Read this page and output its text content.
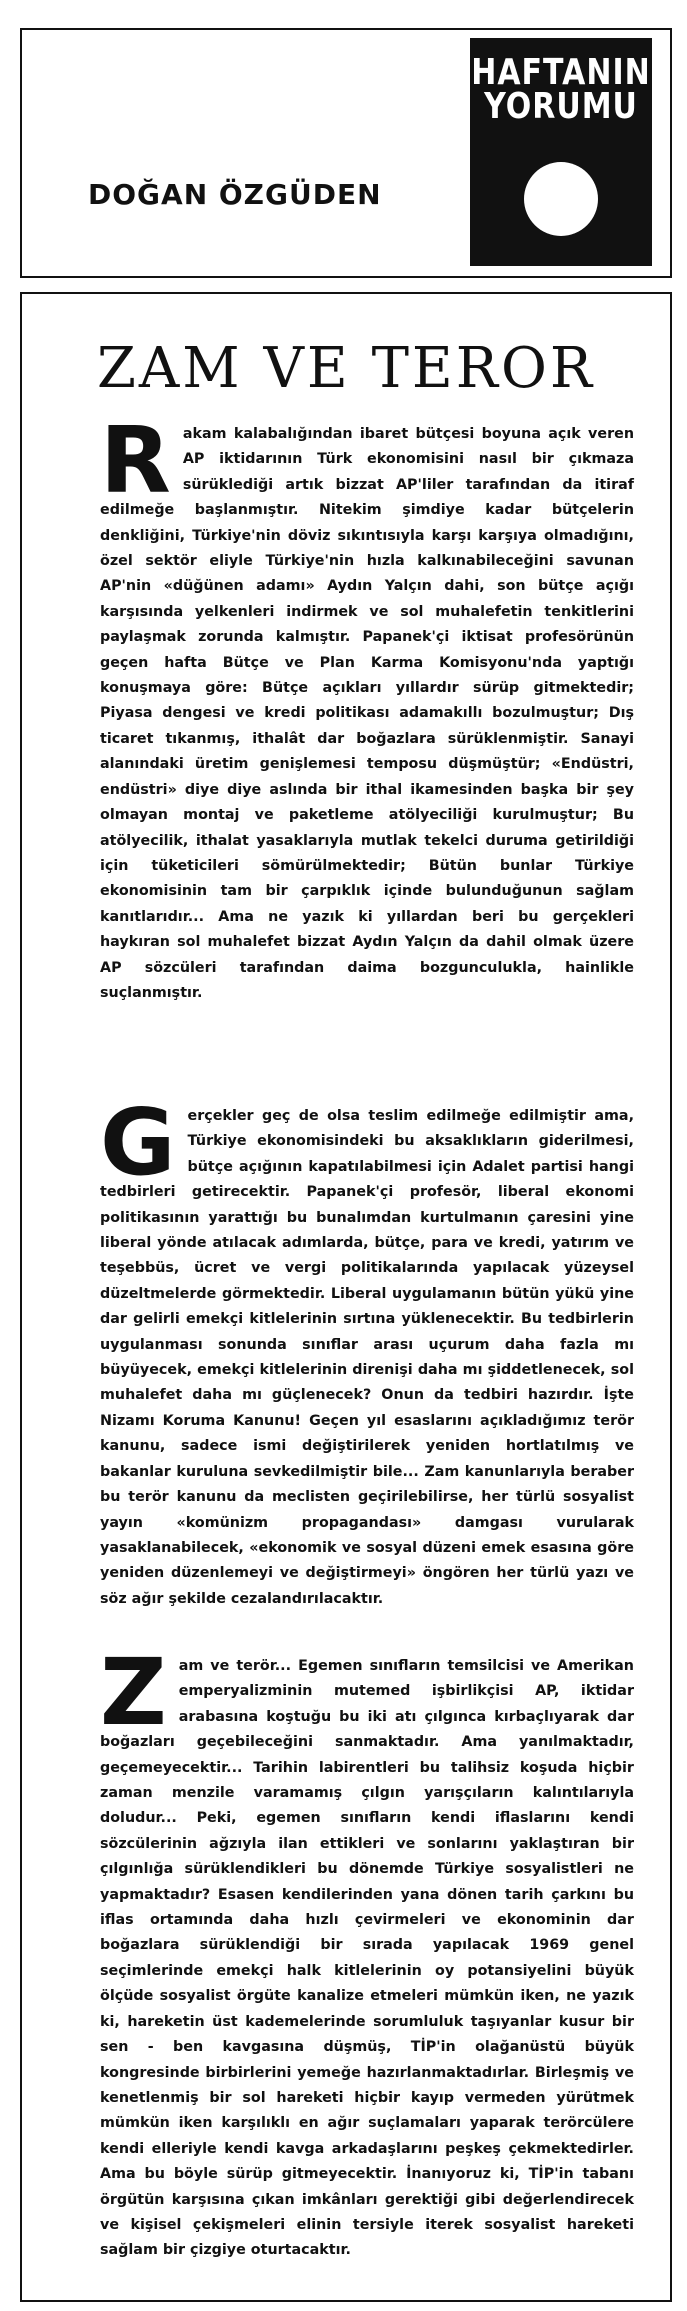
DOĞAN ÖZGÜDEN
HAFTANIN
YORUMU
ZAM VE TEROR

R akam kalabalığından ibaret bütçesi boyuna açık veren AP iktidarının Türk ekonomisini nasıl bir çıkmaza sürüklediği artık bizzat AP'liler tarafından da itiraf edilmeğe başlanmıştır. Nitekim şimdiye kadar bütçelerin denkliğini, Türkiye'nin döviz sıkıntısıyla karşı karşıya olmadığını, özel sektör eliyle Türkiye'nin hızla kalkınabileceğini savunan AP'nin «düğünen adamı» Aydın Yalçın dahi, son bütçe açığı karşısında yelkenleri indirmek ve sol muhalefetin tenkitlerini paylaşmak zorunda kalmıştır. Papanek'çi iktisat profesörünün geçen hafta Bütçe ve Plan Karma Komisyonu'nda yaptığı konuşmaya göre: Bütçe açıkları yıllardır sürüp gitmektedir; Piyasa dengesi ve kredi politikası adamakıllı bozulmuştur; Dış ticaret tıkanmış, ithalât dar boğazlara sürüklenmiştir. Sanayi alanındaki üretim genişlemesi temposu düşmüştür; «Endüstri, endüstri» diye diye aslında bir ithal ikamesinden başka bir şey olmayan montaj ve paketleme atölyeciliği kurulmuştur; Bu atölyecilik, ithalat yasaklarıyla mutlak tekelci duruma getirildiği için tüketicileri sömürülmektedir; Bütün bunlar Türkiye ekonomisinin tam bir çarpıklık içinde bulunduğunun sağlam kanıtlarıdır... Ama ne yazık ki yıllardan beri bu gerçekleri haykıran sol muhalefet bizzat Aydın Yalçın da dahil olmak üzere AP sözcüleri tarafından daima bozgunculukla, hainlikle suçlanmıştır.

G erçekler geç de olsa teslim edilmeğe edilmiştir ama, Türkiye ekonomisindeki bu aksaklıkların giderilmesi, bütçe açığının kapatılabilmesi için Adalet partisi hangi tedbirleri getirecektir. Papanek'çi profesör, liberal ekonomi politikasının yarattığı bu bunalımdan kurtulmanın çaresini yine liberal yönde atılacak adımlarda, bütçe, para ve kredi, yatırım ve teşebbüs, ücret ve vergi politikalarında yapılacak yüzeysel düzeltmelerde görmektedir. Liberal uygulamanın bütün yükü yine dar gelirli emekçi kitlelerinin sırtına yüklenecektir. Bu tedbirlerin uygulanması sonunda sınıflar arası uçurum daha fazla mı büyüyecek, emekçi kitlelerinin direnişi daha mı şiddetlenecek, sol muhalefet daha mı güçlenecek? Onun da tedbiri hazırdır. İşte Nizamı Koruma Kanunu! Geçen yıl esaslarını açıkladığımız terör kanunu, sadece ismi değiştirilerek yeniden hortlatılmış ve bakanlar kuruluna sevkedilmiştir bile... Zam kanunlarıyla beraber bu terör kanunu da meclisten geçirilebilirse, her türlü sosyalist yayın «komünizm propagandası» damgası vurularak yasaklanabilecek, «ekonomik ve sosyal düzeni emek esasına göre yeniden düzenlemeyi ve değiştirmeyi» öngören her türlü yazı ve söz ağır şekilde cezalandırılacaktır.

Z am ve terör... Egemen sınıfların temsilcisi ve Amerikan emperyalizminin mutemed işbirlikçisi AP, iktidar arabasına koştuğu bu iki atı çılgınca kırbaçlıyarak dar boğazları geçebileceğini sanmaktadır. Ama yanılmaktadır, geçemeyecektir... Tarihin labirentleri bu talihsiz koşuda hiçbir zaman menzile varamamış çılgın yarışçıların kalıntılarıyla doludur... Peki, egemen sınıfların kendi iflaslarını kendi sözcülerinin ağzıyla ilan ettikleri ve sonlarını yaklaştıran bir çılgınlığa sürüklendikleri bu dönemde Türkiye sosyalistleri ne yapmaktadır? Esasen kendilerinden yana dönen tarih çarkını bu iflas ortamında daha hızlı çevirmeleri ve ekonominin dar boğazlara sürüklendiği bir sırada yapılacak 1969 genel seçimlerinde emekçi halk kitlelerinin oy potansiyelini büyük ölçüde sosyalist örgüte kanalize etmeleri mümkün iken, ne yazık ki, hareketin üst kademelerinde sorumluluk taşıyanlar kusur bir sen - ben kavgasına düşmüş, TİP'in olağanüstü büyük kongresinde birbirlerini yemeğe hazırlanmaktadırlar. Birleşmiş ve kenetlenmiş bir sol hareketi hiçbir kayıp vermeden yürütmek mümkün iken karşılıklı en ağır suçlamaları yaparak terörcülere kendi elleriyle kendi kavga arkadaşlarını peşkeş çekmektedirler. Ama bu böyle sürüp gitmeyecektir. İnanıyoruz ki, TİP'in tabanı örgütün karşısına çıkan imkânları gerektiği gibi değerlendirecek ve kişisel çekişmeleri elinin tersiyle iterek sosyalist hareketi sağlam bir çizgiye oturtacaktır.
